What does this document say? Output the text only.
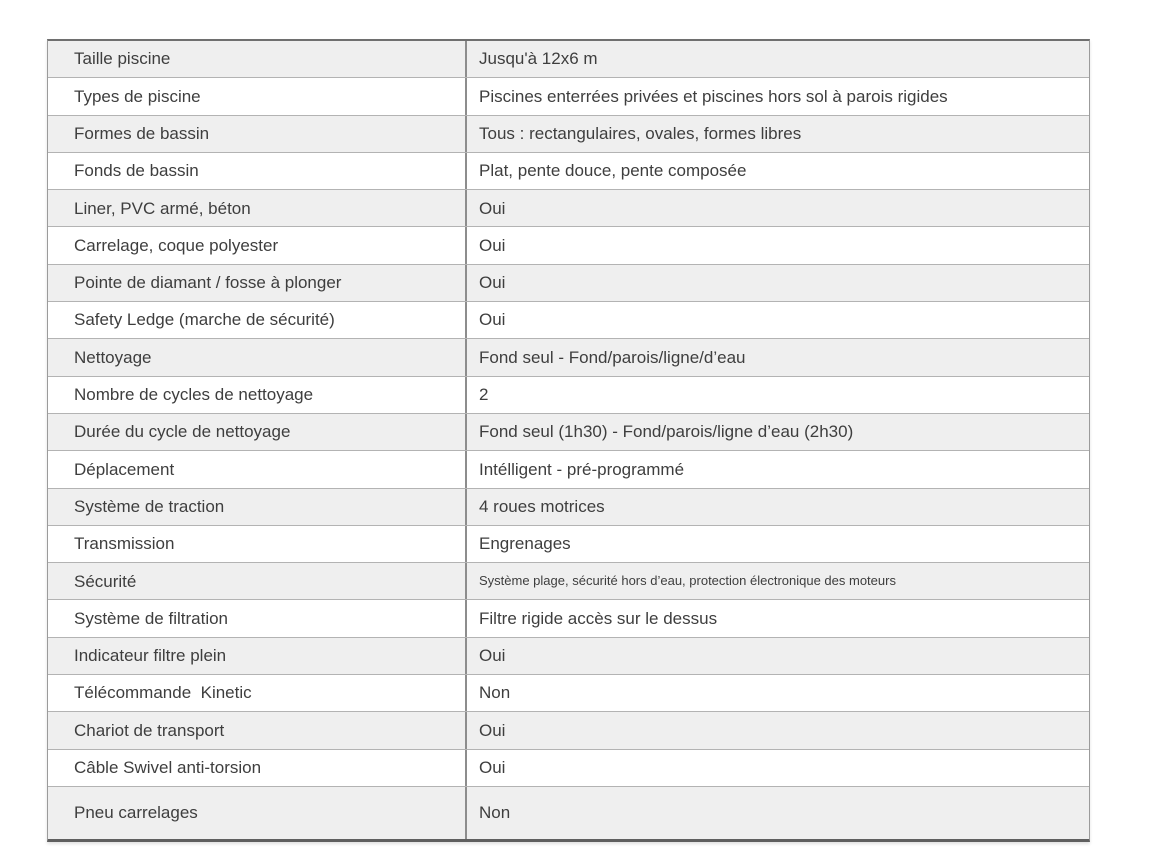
Taille piscine	Jusqu'à 12x6 m
Types de piscine	Piscines enterrées privées et piscines hors sol à parois rigides
Formes de bassin	Tous : rectangulaires, ovales, formes libres
Fonds de bassin	Plat, pente douce, pente composée
Liner, PVC armé, béton	Oui
Carrelage, coque polyester	Oui
Pointe de diamant / fosse à plonger	Oui
Safety Ledge (marche de sécurité)	Oui
Nettoyage	Fond seul - Fond/parois/ligne/d’eau
Nombre de cycles de nettoyage	2
Durée du cycle de nettoyage	Fond seul (1h30) - Fond/parois/ligne d’eau (2h30)
Déplacement	Intélligent - pré-programmé
Système de traction	4 roues motrices
Transmission	Engrenages
Sécurité	Système plage, sécurité hors d’eau, protection électronique des moteurs
Système de filtration	Filtre rigide accès sur le dessus
Indicateur filtre plein	Oui
Télécommande  Kinetic	Non
Chariot de transport	Oui
Câble Swivel anti-torsion	Oui
Pneu carrelages	Non
